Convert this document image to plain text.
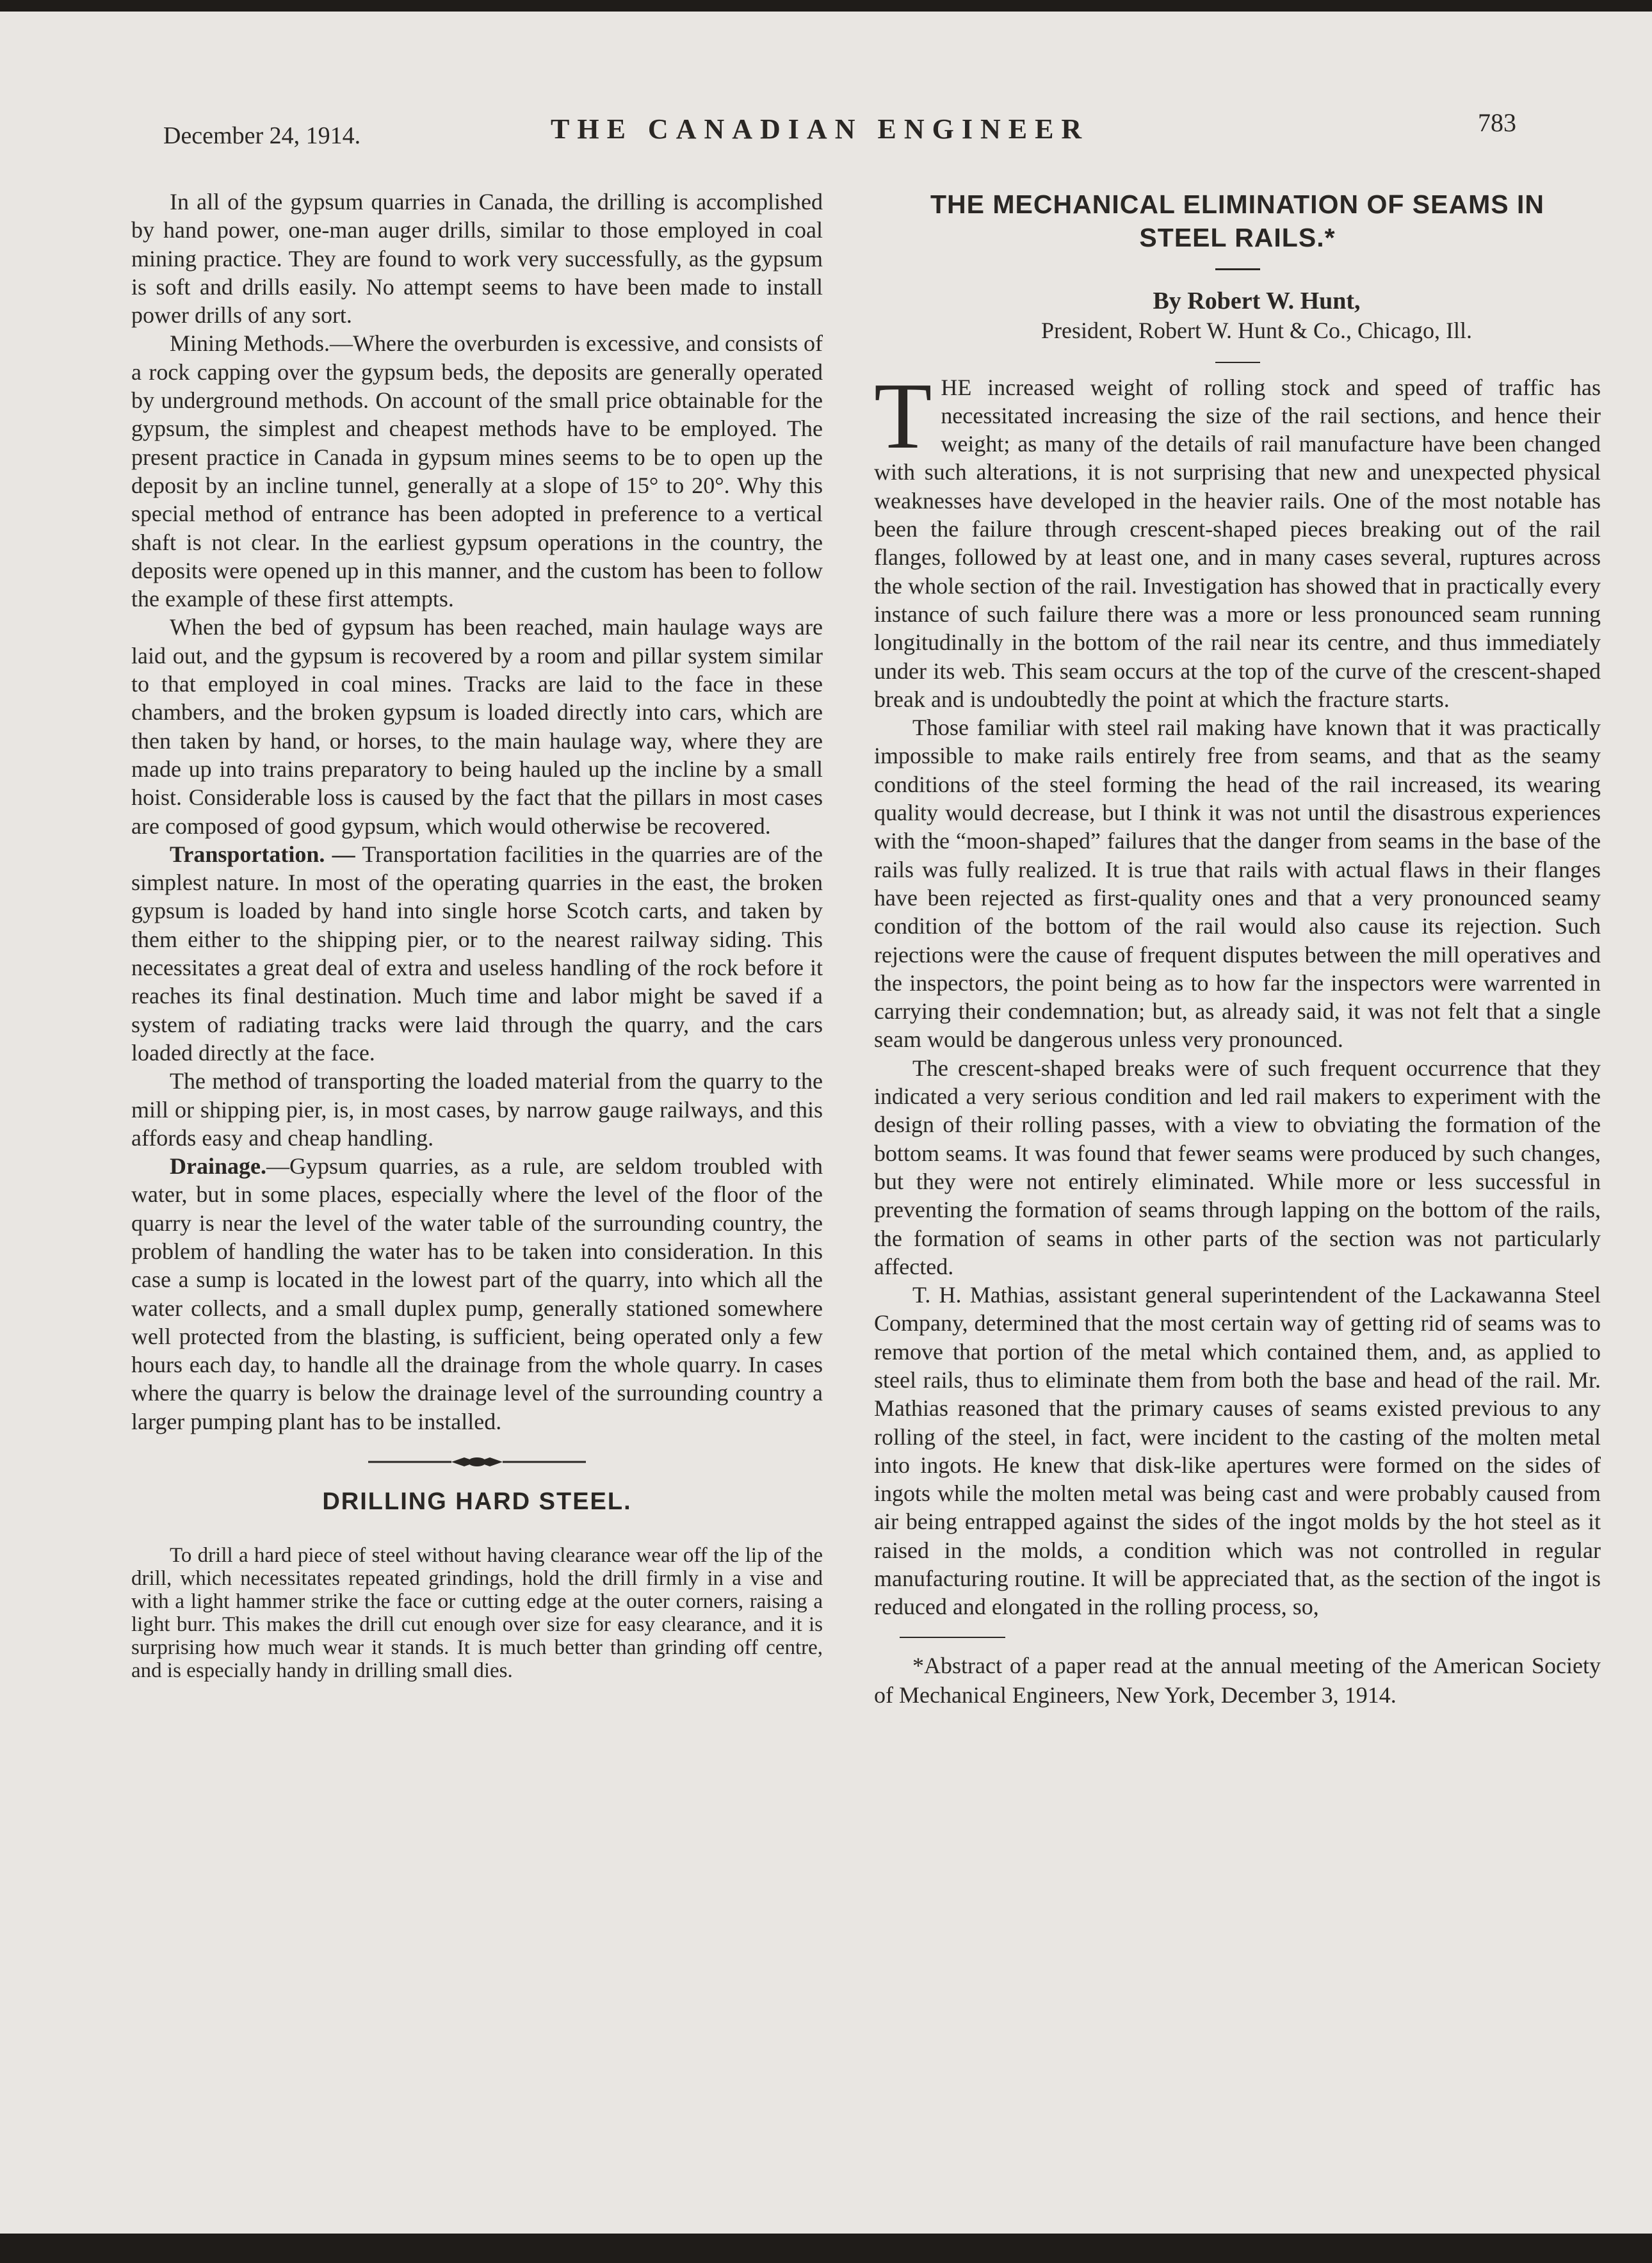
December 24, 1914.	THE CANADIAN ENGINEER	783

In all of the gypsum quarries in Canada, the drilling is accomplished by hand power, one-man auger drills, similar to those employed in coal mining practice. They are found to work very successfully, as the gypsum is soft and drills easily. No attempt seems to have been made to install power drills of any sort.

Mining Methods.—Where the overburden is excessive, and consists of a rock capping over the gypsum beds, the deposits are generally operated by underground methods. On account of the small price obtainable for the gypsum, the simplest and cheapest methods have to be employed. The present practice in Canada in gypsum mines seems to be to open up the deposit by an incline tunnel, generally at a slope of 15° to 20°. Why this special method of entrance has been adopted in preference to a vertical shaft is not clear. In the earliest gypsum operations in the country, the deposits were opened up in this manner, and the custom has been to follow the example of these first attempts.

When the bed of gypsum has been reached, main haulage ways are laid out, and the gypsum is recovered by a room and pillar system similar to that employed in coal mines. Tracks are laid to the face in these chambers, and the broken gypsum is loaded directly into cars, which are then taken by hand, or horses, to the main haulage way, where they are made up into trains preparatory to being hauled up the incline by a small hoist. Considerable loss is caused by the fact that the pillars in most cases are composed of good gypsum, which would otherwise be recovered.

Transportation. — Transportation facilities in the quarries are of the simplest nature. In most of the operating quarries in the east, the broken gypsum is loaded by hand into single horse Scotch carts, and taken by them either to the shipping pier, or to the nearest railway siding. This necessitates a great deal of extra and useless handling of the rock before it reaches its final destination. Much time and labor might be saved if a system of radiating tracks were laid through the quarry, and the cars loaded directly at the face.

The method of transporting the loaded material from the quarry to the mill or shipping pier, is, in most cases, by narrow gauge railways, and this affords easy and cheap handling.

Drainage.—Gypsum quarries, as a rule, are seldom troubled with water, but in some places, especially where the level of the floor of the quarry is near the level of the water table of the surrounding country, the problem of handling the water has to be taken into consideration. In this case a sump is located in the lowest part of the quarry, into which all the water collects, and a small duplex pump, generally stationed somewhere well protected from the blasting, is sufficient, being operated only a few hours each day, to handle all the drainage from the whole quarry. In cases where the quarry is below the drainage level of the surrounding country a larger pumping plant has to be installed.

DRILLING HARD STEEL.

To drill a hard piece of steel without having clearance wear off the lip of the drill, which necessitates repeated grindings, hold the drill firmly in a vise and with a light hammer strike the face or cutting edge at the outer corners, raising a light burr. This makes the drill cut enough over size for easy clearance, and it is surprising how much wear it stands. It is much better than grinding off centre, and is especially handy in drilling small dies.

THE MECHANICAL ELIMINATION OF SEAMS IN
STEEL RAILS.*

By Robert W. Hunt,

President, Robert W. Hunt & Co., Chicago, Ill.

THE increased weight of rolling stock and speed of traffic has necessitated increasing the size of the rail sections, and hence their weight; as many of the details of rail manufacture have been changed with such alterations, it is not surprising that new and unexpected physical weaknesses have developed in the heavier rails. One of the most notable has been the failure through crescent-shaped pieces breaking out of the rail flanges, followed by at least one, and in many cases several, ruptures across the whole section of the rail. Investigation has showed that in practically every instance of such failure there was a more or less pronounced seam running longitudinally in the bottom of the rail near its centre, and thus immediately under its web. This seam occurs at the top of the curve of the crescent-shaped break and is undoubtedly the point at which the fracture starts.

Those familiar with steel rail making have known that it was practically impossible to make rails entirely free from seams, and that as the seamy conditions of the steel forming the head of the rail increased, its wearing quality would decrease, but I think it was not until the disastrous experiences with the “moon-shaped” failures that the danger from seams in the base of the rails was fully realized. It is true that rails with actual flaws in their flanges have been rejected as first-quality ones and that a very pronounced seamy condition of the bottom of the rail would also cause its rejection. Such rejections were the cause of frequent disputes between the mill operatives and the inspectors, the point being as to how far the inspectors were warrented in carrying their condemnation; but, as already said, it was not felt that a single seam would be dangerous unless very pronounced.

The crescent-shaped breaks were of such frequent occurrence that they indicated a very serious condition and led rail makers to experiment with the design of their rolling passes, with a view to obviating the formation of the bottom seams. It was found that fewer seams were produced by such changes, but they were not entirely eliminated. While more or less successful in preventing the formation of seams through lapping on the bottom of the rails, the formation of seams in other parts of the section was not particularly affected.

T. H. Mathias, assistant general superintendent of the Lackawanna Steel Company, determined that the most certain way of getting rid of seams was to remove that portion of the metal which contained them, and, as applied to steel rails, thus to eliminate them from both the base and head of the rail. Mr. Mathias reasoned that the primary causes of seams existed previous to any rolling of the steel, in fact, were incident to the casting of the molten metal into ingots. He knew that disk-like apertures were formed on the sides of ingots while the molten metal was being cast and were probably caused from air being entrapped against the sides of the ingot molds by the hot steel as it raised in the molds, a condition which was not controlled in regular manufacturing routine. It will be appreciated that, as the section of the ingot is reduced and elongated in the rolling process, so,

*Abstract of a paper read at the annual meeting of the American Society of Mechanical Engineers, New York, December 3, 1914.
